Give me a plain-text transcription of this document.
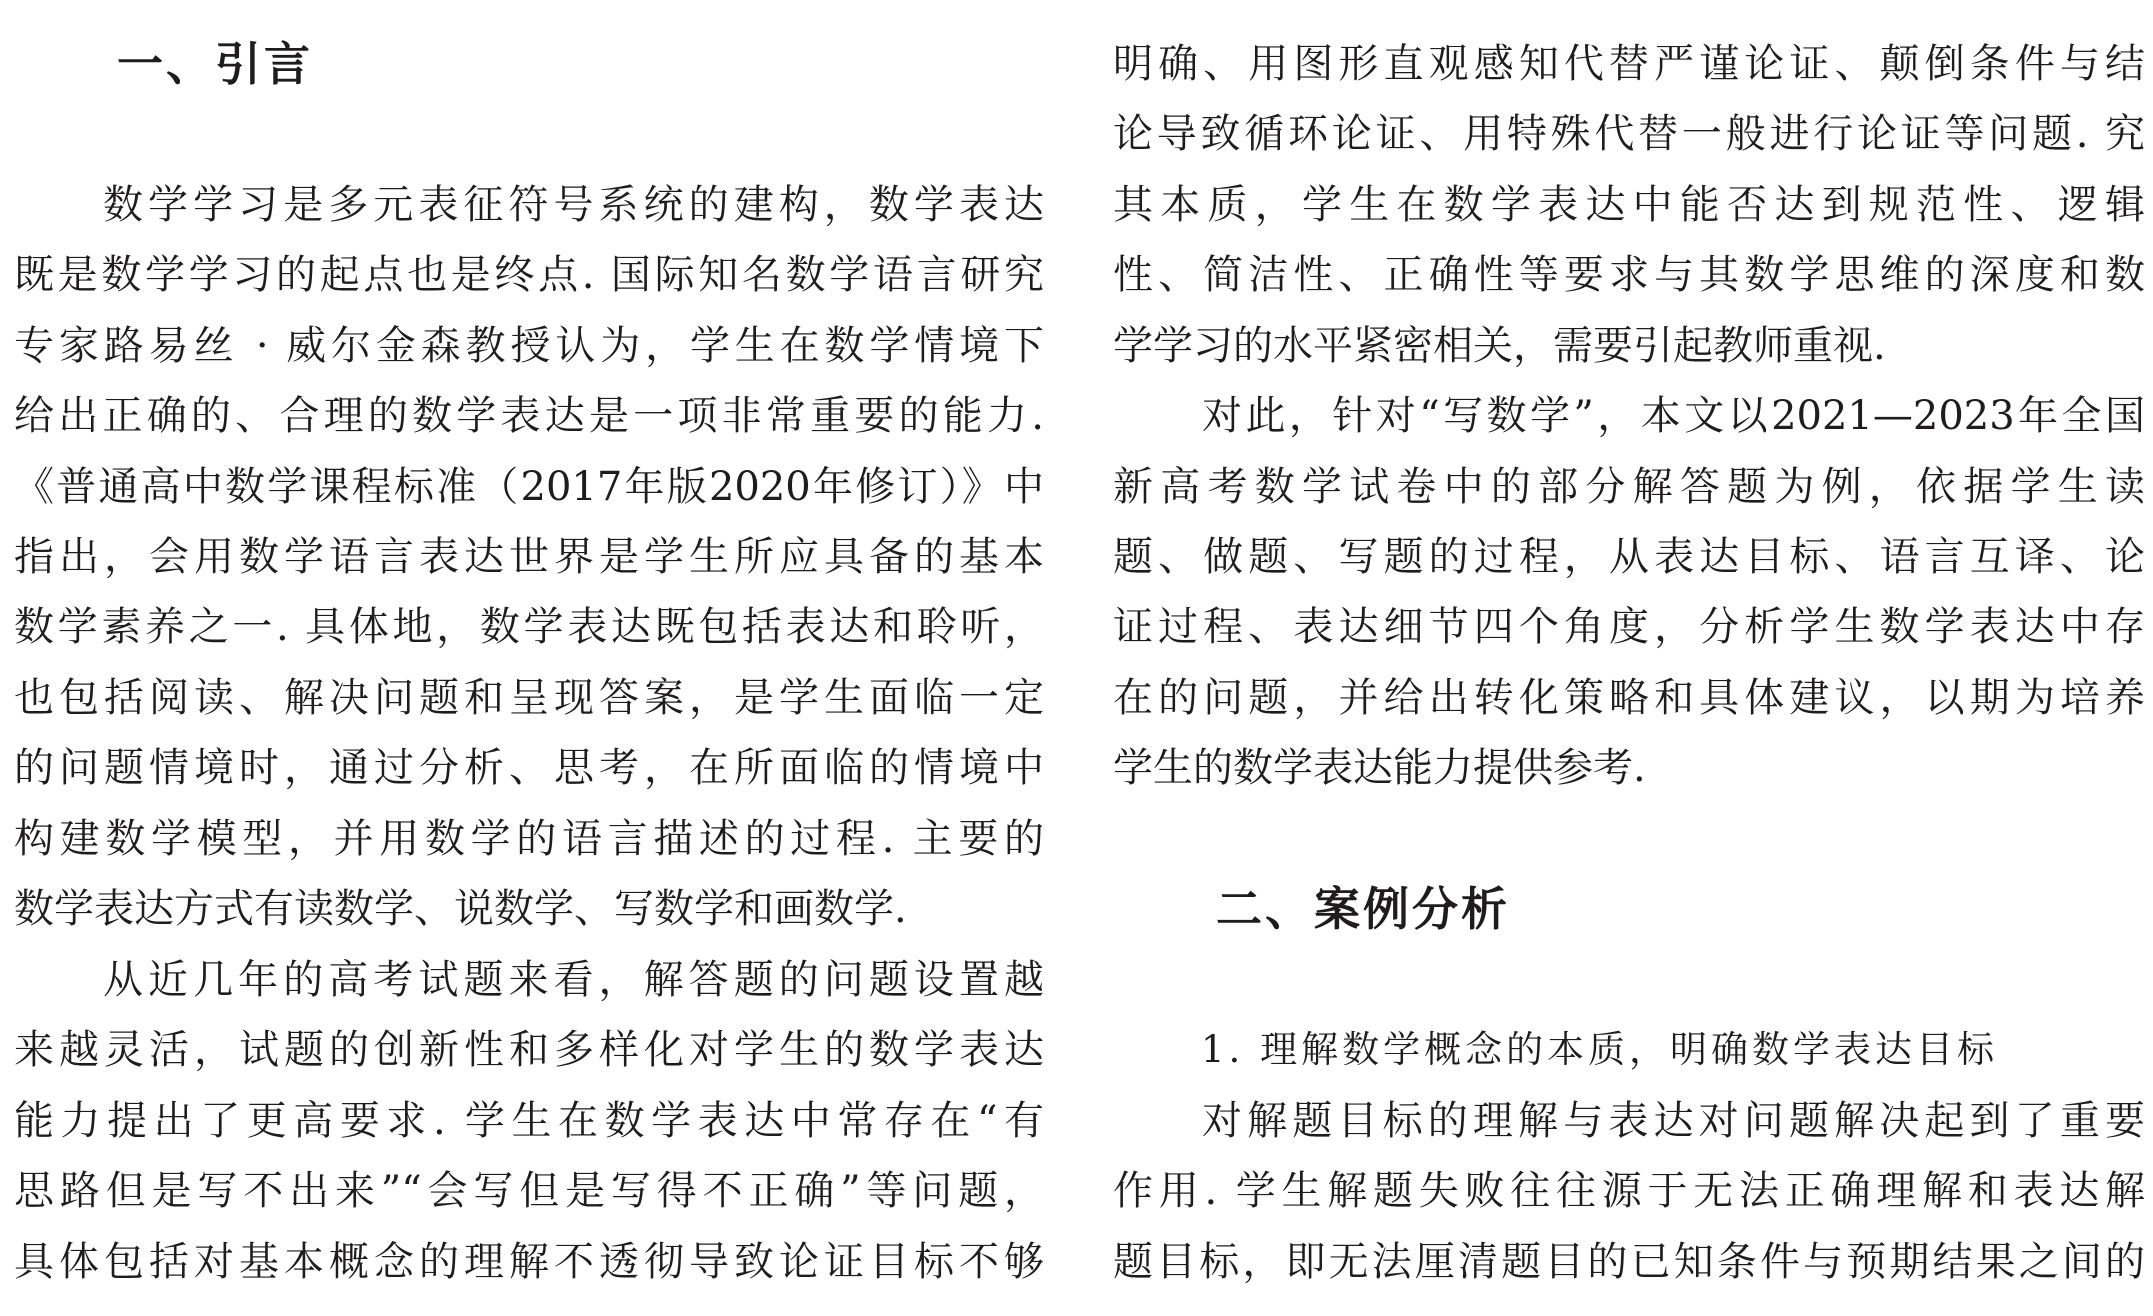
一、引言
数学学习是多元表征符号系统的建构，数学表达
既是数学学习的起点也是终点. 国际知名数学语言研究
专家路易丝 · 威尔金森教授认为，学生在数学情境下
给出正确的、合理的数学表达是一项非常重要的能力.
《普通高中数学课程标准（2017年版2020年修订）》中
指出，会用数学语言表达世界是学生所应具备的基本
数学素养之一. 具体地，数学表达既包括表达和聆听，
也包括阅读、解决问题和呈现答案，是学生面临一定
的问题情境时，通过分析、思考，在所面临的情境中
构建数学模型，并用数学的语言描述的过程. 主要的
数学表达方式有读数学、说数学、写数学和画数学.
从近几年的高考试题来看，解答题的问题设置越
来越灵活，试题的创新性和多样化对学生的数学表达
能力提出了更高要求. 学生在数学表达中常存在“有
思路但是写不出来”“会写但是写得不正确”等问题，
具体包括对基本概念的理解不透彻导致论证目标不够
明确、用图形直观感知代替严谨论证、颠倒条件与结
论导致循环论证、用特殊代替一般进行论证等问题. 究
其本质，学生在数学表达中能否达到规范性、逻辑
性、简洁性、正确性等要求与其数学思维的深度和数
学学习的水平紧密相关，需要引起教师重视.
对此，针对“写数学”，本文以2021—2023年全国
新高考数学试卷中的部分解答题为例，依据学生读
题、做题、写题的过程，从表达目标、语言互译、论
证过程、表达细节四个角度，分析学生数学表达中存
在的问题，并给出转化策略和具体建议，以期为培养
学生的数学表达能力提供参考.
二、案例分析
1. 理解数学概念的本质，明确数学表达目标
对解题目标的理解与表达对问题解决起到了重要
作用. 学生解题失败往往源于无法正确理解和表达解
题目标，即无法厘清题目的已知条件与预期结果之间的
